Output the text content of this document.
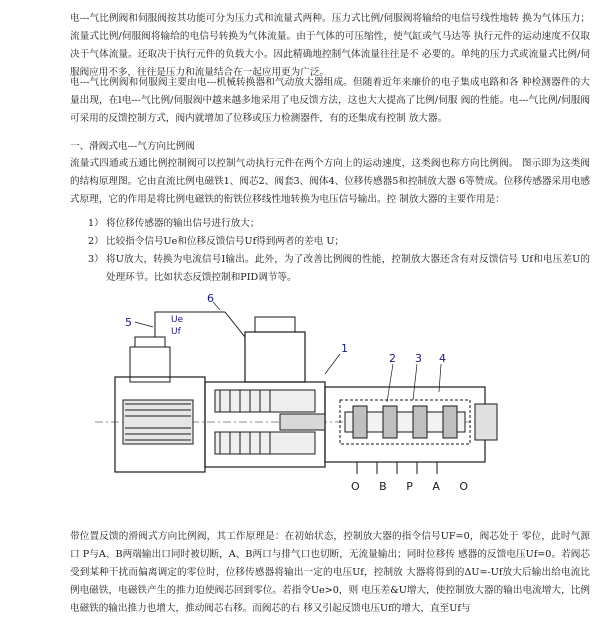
电---气比例阀和伺服阀按其功能可分为压力式和流量式两种。压力式比例/伺服阀将输给的电信号线性地转 换为气体压力；流量式比例/伺服阀将输给的电信号转换为气体流量。由于气体的可压缩性，使气缸或气马达等 执行元件的运动速度不仅取决于气体流量。还取决于执行元件的负载大小。因此精确地控制气体流量往往是不 必要的。单纯的压力式或流量式比例/伺服阀应用不多，往往是压力和流量结合在一起应用更为广泛。

电---气比例阀和伺服阀主要由电---机械转换器和气动放大器组成。但随着近年来廉价的电子集成电路和各 种检测器件的大量出现，在l电---气比例/伺服阀中越来越多地采用了电反馈方法，这也大大提高了比例/伺服 阀的性能。电---气比例/伺服阀可采用的反馈控制方式，阀内就增加了位移或压力检测器件，有的还集成有控制 放大器。

一、滑阀式电---气方向比例阀

流量式四通或五通比例控制阀可以控制气动执行元件在两个方向上的运动速度，这类阀也称方向比例阀。 图示即为这类阀的结构原理图。它由直流比例电磁铁1、阀芯2、阀套3、阀体4、位移传感器5和控制放大器 6等赞成。位移传感器采用电感式原理，它的作用是将比例电磁铁的衔铁位移线性地转换为电压信号输出。控 制放大器的主要作用是：

1） 将位移传感器的输出信号进行放大；
2） 比较指令信号Ue和位移反馈信号Uf得到两者的差电 U；
3） 将U放大，转换为电流信号I输出。此外，为了改善比例阀的性能，控制放大器还含有对反馈信号 Uf和电压差U的处理环节。比如状态反馈控制和PID调节等。
1
2 3 4
5
6
Ue
Uf
O B P A O

带位置反馈的滑阀式方向比例阀，其工作原理是：在初始状态，控制放大器的指令信号UF=0，阀芯处于 零位，此时气源口 P与A、B两端输出口同时被切断，A、B两口与排气口也切断，无流量输出；同时位移传 感器的反馈电压Uf=0。若阀芯受到某种干扰而偏离调定的零位时，位移传感器将输出一定的电压Uf，控制放 大器将得到的ΔU=-Uf放大后输出给电流比例电磁铁，电磁铁产生的推力迫使阀芯回到零位。若指令Ue>0，则 电压差&U增大，使控制放大器的输出电流增大，比例电磁铁的输出推力也增大，推动阀芯右移。而阀芯的右 移又引起反馈电压Uf的增大，直至Uf与
